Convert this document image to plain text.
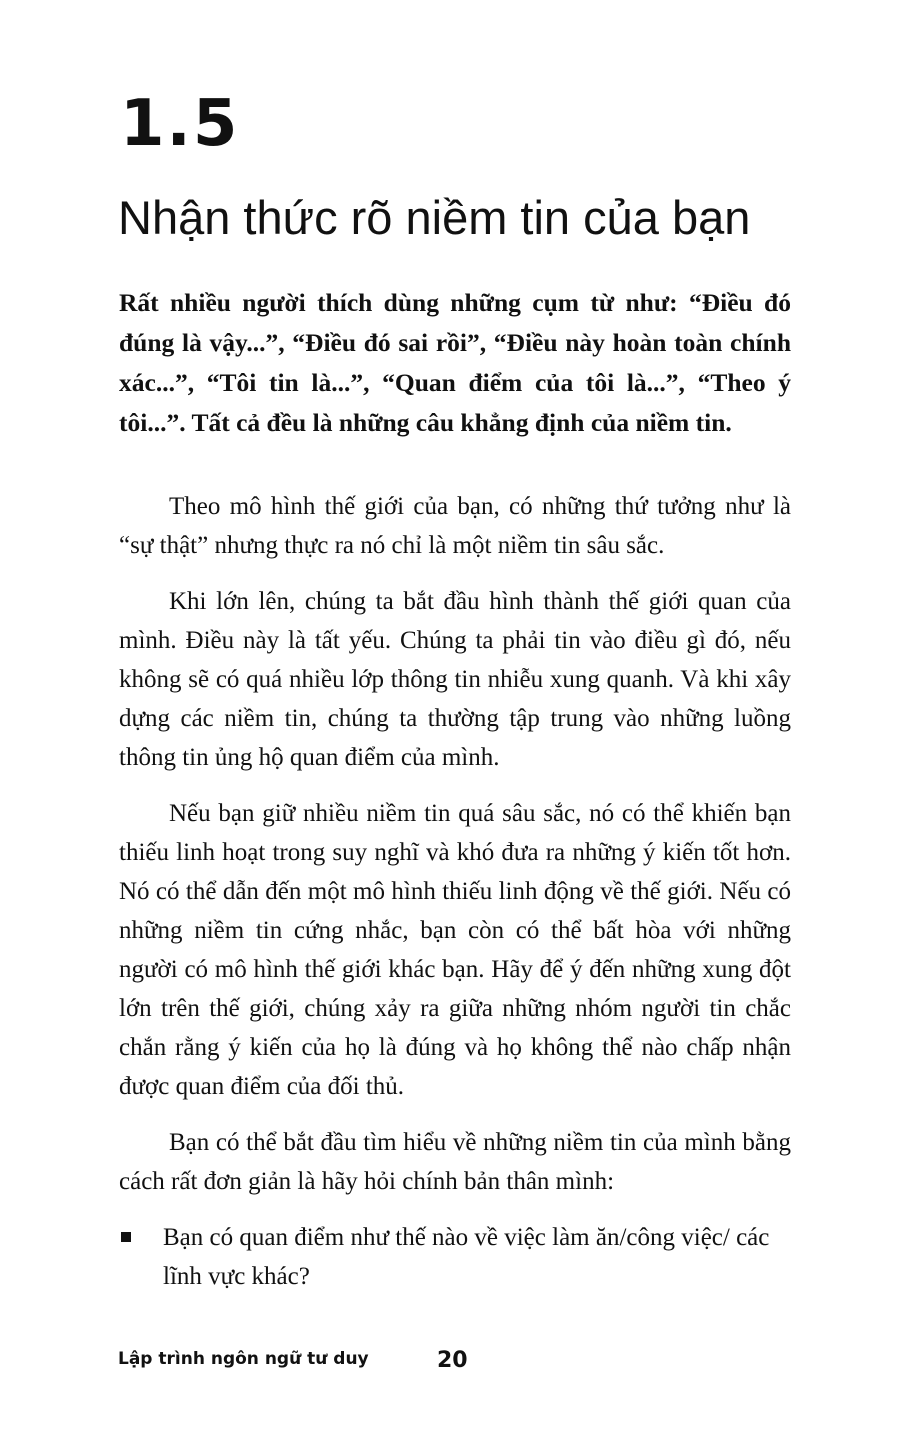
1.5
Nhận thức rõ niềm tin của bạn

Rất nhiều người thích dùng những cụm từ như: “Điều đó đúng là vậy...”, “Điều đó sai rồi”, “Điều này hoàn toàn chính xác...”, “Tôi tin là...”, “Quan điểm của tôi là...”, “Theo ý tôi...”. Tất cả đều là những câu khẳng định của niềm tin.

Theo mô hình thế giới của bạn, có những thứ tưởng như là “sự thật” nhưng thực ra nó chỉ là một niềm tin sâu sắc.

Khi lớn lên, chúng ta bắt đầu hình thành thế giới quan của mình. Điều này là tất yếu. Chúng ta phải tin vào điều gì đó, nếu không sẽ có quá nhiều lớp thông tin nhiễu xung quanh. Và khi xây dựng các niềm tin, chúng ta thường tập trung vào những luồng thông tin ủng hộ quan điểm của mình.

Nếu bạn giữ nhiều niềm tin quá sâu sắc, nó có thể khiến bạn thiếu linh hoạt trong suy nghĩ và khó đưa ra những ý kiến tốt hơn. Nó có thể dẫn đến một mô hình thiếu linh động về thế giới. Nếu có những niềm tin cứng nhắc, bạn còn có thể bất hòa với những người có mô hình thế giới khác bạn. Hãy để ý đến những xung đột lớn trên thế giới, chúng xảy ra giữa những nhóm người tin chắc chắn rằng ý kiến của họ là đúng và họ không thể nào chấp nhận được quan điểm của đối thủ.

Bạn có thể bắt đầu tìm hiểu về những niềm tin của mình bằng cách rất đơn giản là hãy hỏi chính bản thân mình:

Bạn có quan điểm như thế nào về việc làm ăn/công việc/ các lĩnh vực khác?
Lập trình ngôn ngữ tư duy	20
